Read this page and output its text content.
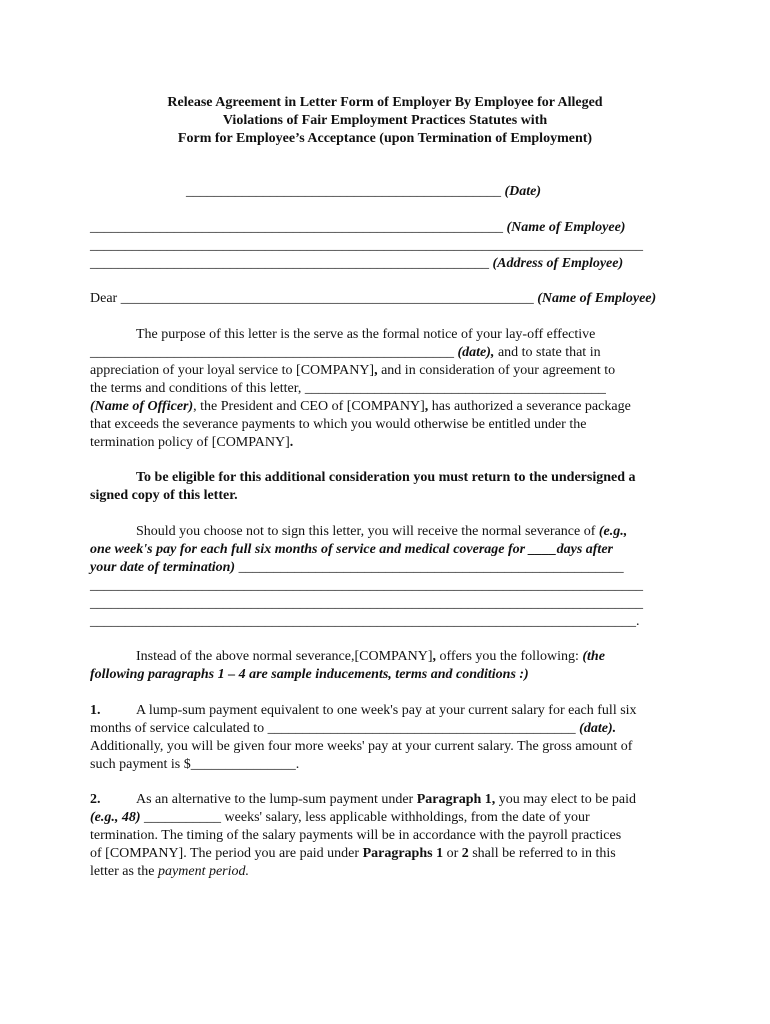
Release Agreement in Letter Form of Employer By Employee for Alleged
Violations of Fair Employment Practices Statutes with
Form for Employee’s Acceptance (upon Termination of Employment)
_____________________________________________ (Date)
___________________________________________________________ (Name of Employee)
_______________________________________________________________________________
_________________________________________________________ (Address of Employee)
Dear ___________________________________________________________ (Name of Employee)
The purpose of this letter is the serve as the formal notice of your lay-off effective
____________________________________________________ (date), and to state that in
appreciation of your loyal service to [COMPANY], and in consideration of your agreement to
the terms and conditions of this letter, ___________________________________________
(Name of Officer), the President and CEO of [COMPANY], has authorized a severance package
that exceeds the severance payments to which you would otherwise be entitled under the
termination policy of [COMPANY].
To be eligible for this additional consideration you must return to the undersigned a
signed copy of this letter.
Should you choose not to sign this letter, you will receive the normal severance of (e.g.,
one week's pay for each full six months of service and medical coverage for ____days after
your date of termination) _______________________________________________________
_______________________________________________________________________________
_______________________________________________________________________________
______________________________________________________________________________.
Instead of the above normal severance,[COMPANY], offers you the following: (the
following paragraphs 1 – 4 are sample inducements, terms and conditions :)
1.	A lump-sum payment equivalent to one week's pay at your current salary for each full six
months of service calculated to ____________________________________________ (date).
Additionally, you will be given four more weeks' pay at your current salary. The gross amount of
such payment is $_______________.
2.	As an alternative to the lump-sum payment under Paragraph 1, you may elect to be paid
(e.g., 48) ___________ weeks' salary, less applicable withholdings, from the date of your
termination. The timing of the salary payments will be in accordance with the payroll practices
of [COMPANY]. The period you are paid under Paragraphs 1 or 2 shall be referred to in this
letter as the payment period.
